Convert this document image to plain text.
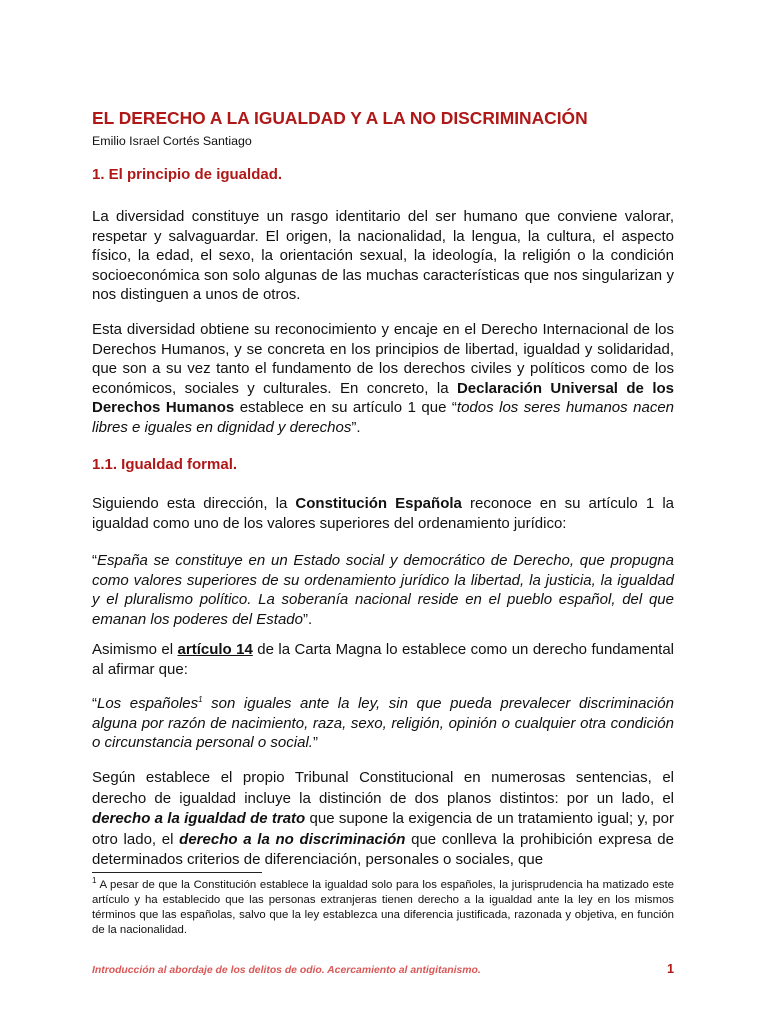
EL DERECHO A LA IGUALDAD Y A LA NO DISCRIMINACIÓN

Emilio Israel Cortés Santiago

1. El principio de igualdad.

La diversidad constituye un rasgo identitario del ser humano que conviene valorar, respetar y salvaguardar. El origen, la nacionalidad, la lengua, la cultura, el aspecto físico, la edad, el sexo, la orientación sexual, la ideología, la religión o la condición socioeconómica son solo algunas de las muchas características que nos singularizan y nos distinguen a unos de otros.

Esta diversidad obtiene su reconocimiento y encaje en el Derecho Internacional de los Derechos Humanos, y se concreta en los principios de libertad, igualdad y solidaridad, que son a su vez tanto el fundamento de los derechos civiles y políticos como de los económicos, sociales y culturales. En concreto, la Declaración Universal de los Derechos Humanos establece en su artículo 1 que “todos los seres humanos nacen libres e iguales en dignidad y derechos”.

1.1. Igualdad formal.

Siguiendo esta dirección, la Constitución Española reconoce en su artículo 1 la igualdad como uno de los valores superiores del ordenamiento jurídico:

“España se constituye en un Estado social y democrático de Derecho, que propugna como valores superiores de su ordenamiento jurídico la libertad, la justicia, la igualdad y el pluralismo político. La soberanía nacional reside en el pueblo español, del que emanan los poderes del Estado”.

Asimismo el artículo 14 de la Carta Magna lo establece como un derecho fundamental al afirmar que:

“Los españoles$^1$ son iguales ante la ley, sin que pueda prevalecer discriminación alguna por razón de nacimiento, raza, sexo, religión, opinión o cualquier otra condición o circunstancia personal o social.”

Según establece el propio Tribunal Constitucional en numerosas sentencias, el derecho de igualdad incluye la distinción de dos planos distintos: por un lado, el derecho a la igualdad de trato que supone la exigencia de un tratamiento igual; y, por otro lado, el derecho a la no discriminación que conlleva la prohibición expresa de determinados criterios de diferenciación, personales o sociales, que

$^1$ A pesar de que la Constitución establece la igualdad solo para los españoles, la jurisprudencia ha matizado este artículo y ha establecido que las personas extranjeras tienen derecho a la igualdad ante la ley en los mismos términos que las españolas, salvo que la ley establezca una diferencia justificada, razonada y objetiva, en función de la nacionalidad.

Introducción al abordaje de los delitos de odio. Acercamiento al antigitanismo.	1
